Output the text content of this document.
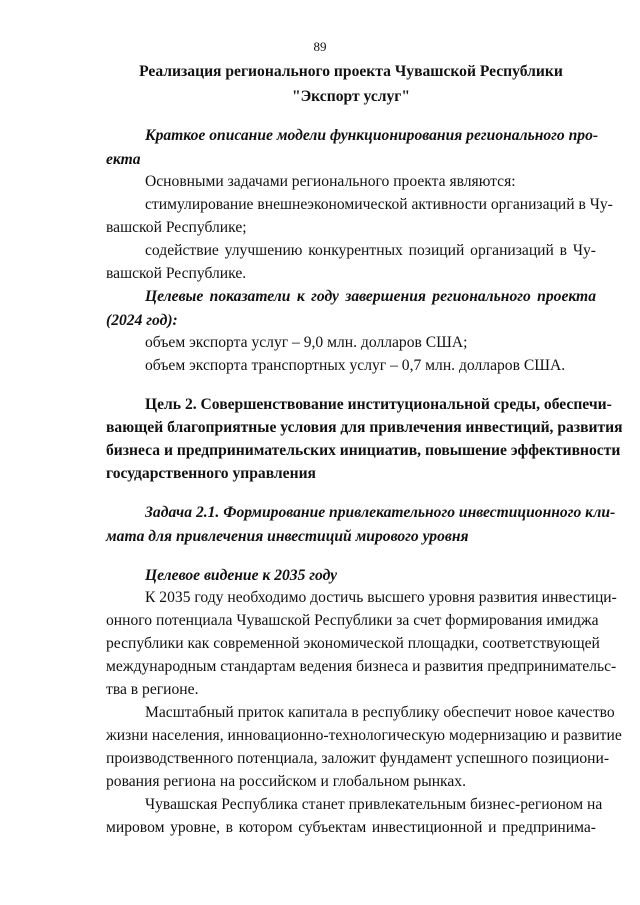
89
Реализация регионального проекта Чувашской Республики
"Экспорт услуг"
Краткое описание модели функционирования регионального про-
екта
Основными задачами регионального проекта являются:
стимулирование внешнеэкономической активности организаций в Чу-
вашской Республике;
содействие улучшению конкурентных позиций организаций в Чу-
вашской Республике.
Целевые показатели к году завершения регионального проекта
(2024 год):
объем экспорта услуг – 9,0 млн. долларов США;
объем экспорта транспортных услуг – 0,7 млн. долларов США.
Цель 2. Совершенствование институциональной среды, обеспечи-
вающей благоприятные условия для привлечения инвестиций, развития
бизнеса и предпринимательских инициатив, повышение эффективности
государственного управления
Задача 2.1. Формирование привлекательного инвестиционного кли-
мата для привлечения инвестиций мирового уровня
Целевое видение к 2035 году
К 2035 году необходимо достичь высшего уровня развития инвестици-
онного потенциала Чувашской Республики за счет формирования имиджа
республики как современной экономической площадки, соответствующей
международным стандартам ведения бизнеса и развития предпринимательс-
тва в регионе.
Масштабный приток капитала в республику обеспечит новое качество
жизни населения, инновационно-технологическую модернизацию и развитие
производственного потенциала, заложит фундамент успешного позициони-
рования региона на российском и глобальном рынках.
Чувашская Республика станет привлекательным бизнес-регионом на
мировом уровне, в котором субъектам инвестиционной и предпринима-
